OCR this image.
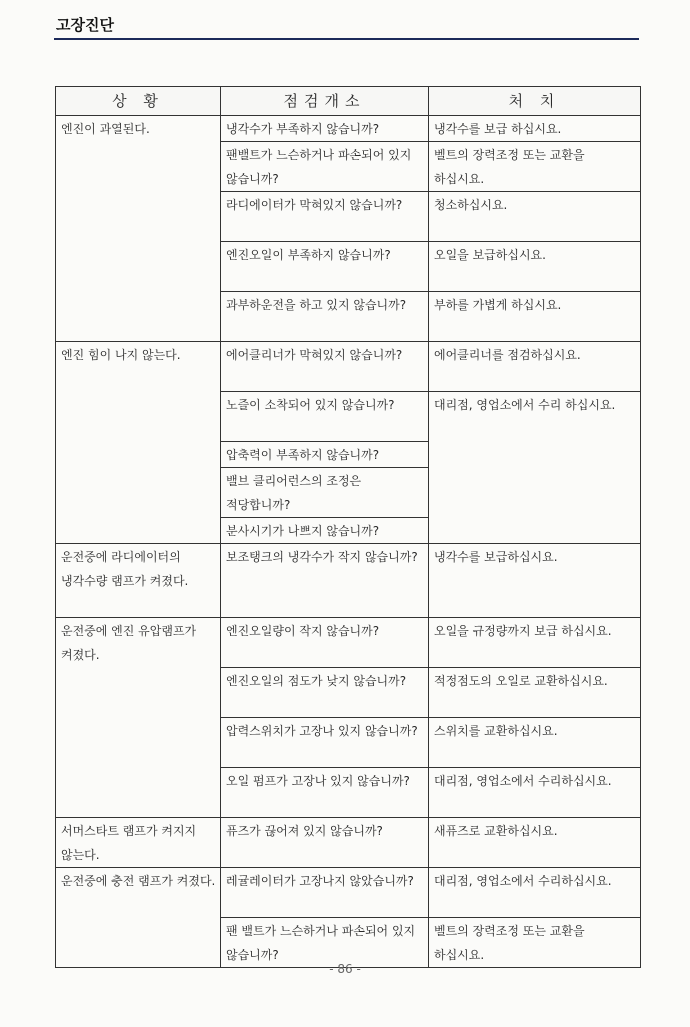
고장진단
상 황	점검개소	처 치
엔진이 과열된다.	냉각수가 부족하지 않습니까?	냉각수를 보급 하십시요.
	팬밸트가 느슨하거나 파손되어 있지 않습니까?	벨트의 장력조정 또는 교환을 하십시요.
	라디에이터가 막혀있지 않습니까?	청소하십시요.
	엔진오일이 부족하지 않습니까?	오일을 보급하십시요.
	과부하운전을 하고 있지 않습니까?	부하를 가볍게 하십시요.
엔진 힘이 나지 않는다.	에어클리너가 막혀있지 않습니까?	에어클리너를 점검하십시요.
	노즐이 소착되어 있지 않습니까?	대리점, 영업소에서 수리 하십시요.
	압축력이 부족하지 않습니까?	
	밸브 클리어런스의 조정은 적당합니까?	
	분사시기가 나쁘지 않습니까?	
운전중에 라디에이터의 냉각수량 램프가 켜졌다.	보조탱크의 냉각수가 작지 않습니까?	냉각수를 보급하십시요.
운전중에 엔진 유압램프가 켜졌다.	엔진오일량이 작지 않습니까?	오일을 규정량까지 보급 하십시요.
	엔진오일의 점도가 낮지 않습니까?	적정점도의 오일로 교환하십시요.
	압력스위치가 고장나 있지 않습니까?	스위치를 교환하십시요.
	오일 펌프가 고장나 있지 않습니까?	대리점, 영업소에서 수리하십시요.
서머스타트 램프가 켜지지 않는다.	퓨즈가 끊어져 있지 않습니까?	새퓨즈로 교환하십시요.
운전중에 충전 램프가 켜졌다.	레귤레이터가 고장나지 않았습니까?	대리점, 영업소에서 수리하십시요.
	팬 밸트가 느슨하거나 파손되어 있지 않습니까?	벨트의 장력조정 또는 교환을 하십시요.
- 86 -
